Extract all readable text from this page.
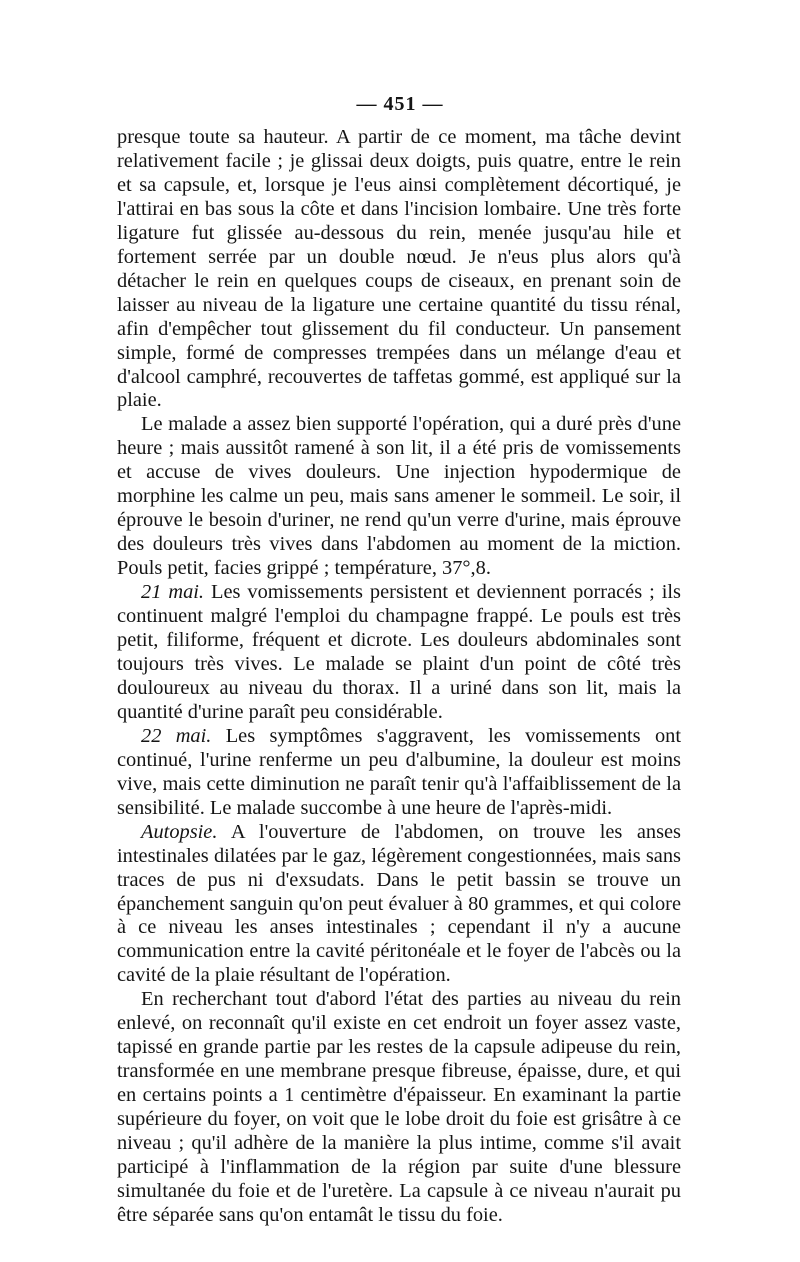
— 451 —

presque toute sa hauteur. A partir de ce moment, ma tâche devint relativement facile ; je glissai deux doigts, puis quatre, entre le rein et sa capsule, et, lorsque je l'eus ainsi complètement décortiqué, je l'attirai en bas sous la côte et dans l'incision lombaire. Une très forte ligature fut glissée au-dessous du rein, menée jusqu'au hile et fortement serrée par un double nœud. Je n'eus plus alors qu'à détacher le rein en quelques coups de ciseaux, en prenant soin de laisser au niveau de la ligature une certaine quantité du tissu rénal, afin d'empêcher tout glissement du fil conducteur. Un pansement simple, formé de compresses trempées dans un mélange d'eau et d'alcool camphré, recouvertes de taffetas gommé, est appliqué sur la plaie.

Le malade a assez bien supporté l'opération, qui a duré près d'une heure ; mais aussitôt ramené à son lit, il a été pris de vomissements et accuse de vives douleurs. Une injection hypodermique de morphine les calme un peu, mais sans amener le sommeil. Le soir, il éprouve le besoin d'uriner, ne rend qu'un verre d'urine, mais éprouve des douleurs très vives dans l'abdomen au moment de la miction. Pouls petit, facies grippé ; température, 37°,8.

21 mai. Les vomissements persistent et deviennent porracés ; ils continuent malgré l'emploi du champagne frappé. Le pouls est très petit, filiforme, fréquent et dicrote. Les douleurs abdominales sont toujours très vives. Le malade se plaint d'un point de côté très douloureux au niveau du thorax. Il a uriné dans son lit, mais la quantité d'urine paraît peu considérable.

22 mai. Les symptômes s'aggravent, les vomissements ont continué, l'urine renferme un peu d'albumine, la douleur est moins vive, mais cette diminution ne paraît tenir qu'à l'affaiblissement de la sensibilité. Le malade succombe à une heure de l'après-midi.

Autopsie. A l'ouverture de l'abdomen, on trouve les anses intestinales dilatées par le gaz, légèrement congestionnées, mais sans traces de pus ni d'exsudats. Dans le petit bassin se trouve un épanchement sanguin qu'on peut évaluer à 80 grammes, et qui colore à ce niveau les anses intestinales ; cependant il n'y a aucune communication entre la cavité péritonéale et le foyer de l'abcès ou la cavité de la plaie résultant de l'opération.

En recherchant tout d'abord l'état des parties au niveau du rein enlevé, on reconnaît qu'il existe en cet endroit un foyer assez vaste, tapissé en grande partie par les restes de la capsule adipeuse du rein, transformée en une membrane presque fibreuse, épaisse, dure, et qui en certains points a 1 centimètre d'épaisseur. En examinant la partie supérieure du foyer, on voit que le lobe droit du foie est grisâtre à ce niveau ; qu'il adhère de la manière la plus intime, comme s'il avait participé à l'inflammation de la région par suite d'une blessure simultanée du foie et de l'uretère. La capsule à ce niveau n'aurait pu être séparée sans qu'on entamât le tissu du foie.
